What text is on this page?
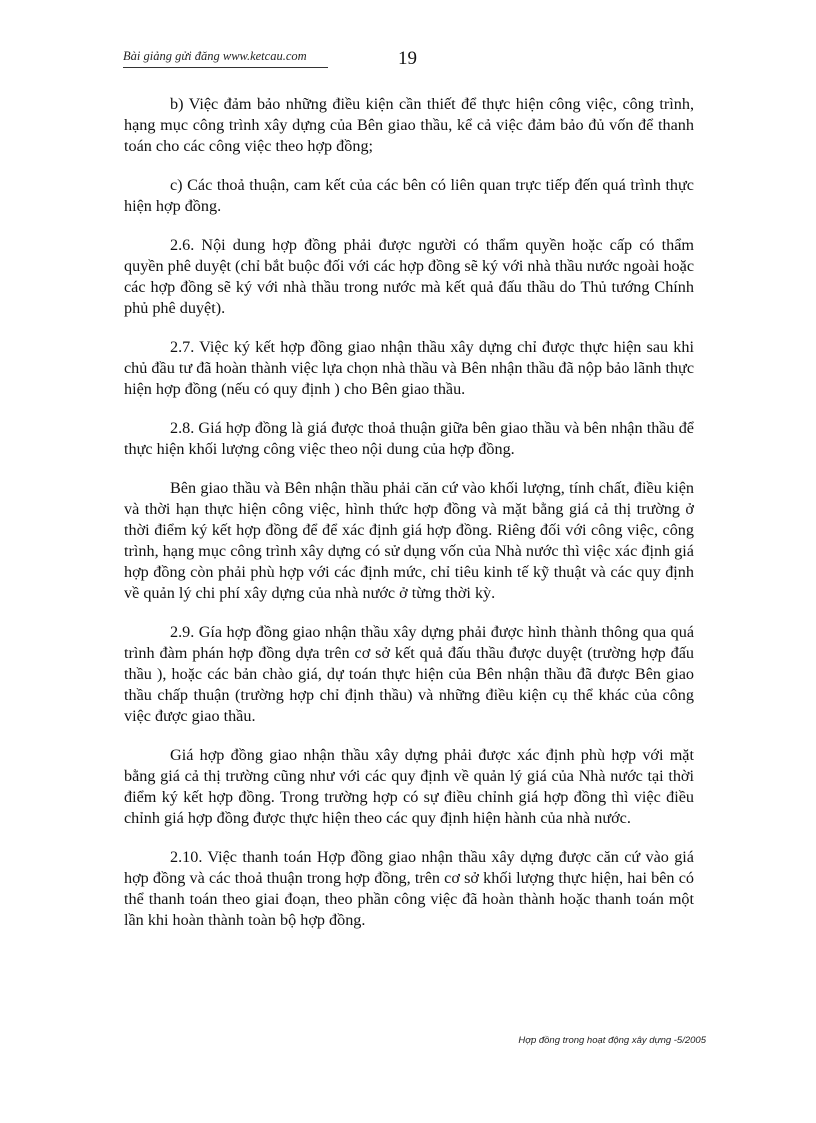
Bài giảng gửi đăng www.ketcau.com	19

b) Việc đảm bảo những điều kiện cần thiết để thực hiện công việc, công trình, hạng mục công trình xây dựng của Bên giao thầu, kể cả việc đảm bảo đủ vốn để thanh toán cho các công việc theo hợp đồng;

c) Các thoả thuận, cam kết của các bên có liên quan trực tiếp đến quá trình thực hiện hợp đồng.

2.6. Nội dung hợp đồng phải được người có thẩm quyền hoặc cấp có thẩm quyền phê duyệt (chỉ bắt buộc đối với các hợp đồng sẽ ký với nhà thầu nước ngoài hoặc các hợp đồng sẽ ký với nhà thầu trong nước mà kết quả đấu thầu do Thủ tướng Chính phủ phê duyệt).

2.7. Việc ký kết hợp đồng giao nhận thầu xây dựng chỉ được thực hiện sau khi chủ đầu tư đã hoàn thành việc lựa chọn nhà thầu và Bên nhận thầu đã nộp bảo lãnh thực hiện hợp đồng (nếu có quy định ) cho Bên giao thầu.

2.8. Giá hợp đồng là giá được thoả thuận giữa bên giao thầu và bên nhận thầu để thực hiện khối lượng công việc theo nội dung của hợp đồng.

Bên giao thầu và Bên nhận thầu phải căn cứ vào khối lượng, tính chất, điều kiện và thời hạn thực hiện công việc, hình thức hợp đồng và mặt bằng giá cả thị trường ở thời điểm ký kết hợp đồng để để xác định giá hợp đồng. Riêng đối với công việc, công trình, hạng mục công trình xây dựng có sử dụng vốn của Nhà nước thì việc xác định giá hợp đồng còn phải phù hợp với các định mức, chỉ tiêu kinh tế kỹ thuật và các quy định về quản lý chi phí xây dựng của nhà nước ở từng thời kỳ.

2.9. Gía hợp đồng giao nhận thầu xây dựng phải được hình thành thông qua quá trình đàm phán hợp đồng dựa trên cơ sở kết quả đấu thầu được duyệt (trường hợp đấu thầu ), hoặc các bản chào giá, dự toán thực hiện của Bên nhận thầu đã được Bên giao thầu chấp thuận (trường hợp chỉ định thầu) và những điều kiện cụ thể khác của công việc được giao thầu.

Giá hợp đồng giao nhận thầu xây dựng phải được xác định phù hợp với mặt bằng giá cả thị trường cũng như với các quy định về quản lý giá của Nhà nước tại thời điểm ký kết hợp đồng. Trong trường hợp có sự điều chỉnh giá hợp đồng thì việc điều chỉnh giá hợp đồng được thực hiện theo các quy định hiện hành của nhà nước.

2.10. Việc thanh toán Hợp đồng giao nhận thầu xây dựng được căn cứ vào giá hợp đồng và các thoả thuận trong hợp đồng, trên cơ sở khối lượng thực hiện, hai bên có thể thanh toán theo giai đoạn, theo phần công việc đã hoàn thành hoặc thanh toán một lần khi hoàn thành toàn bộ hợp đồng.

Hợp đồng trong hoạt động xây dựng -5/2005
